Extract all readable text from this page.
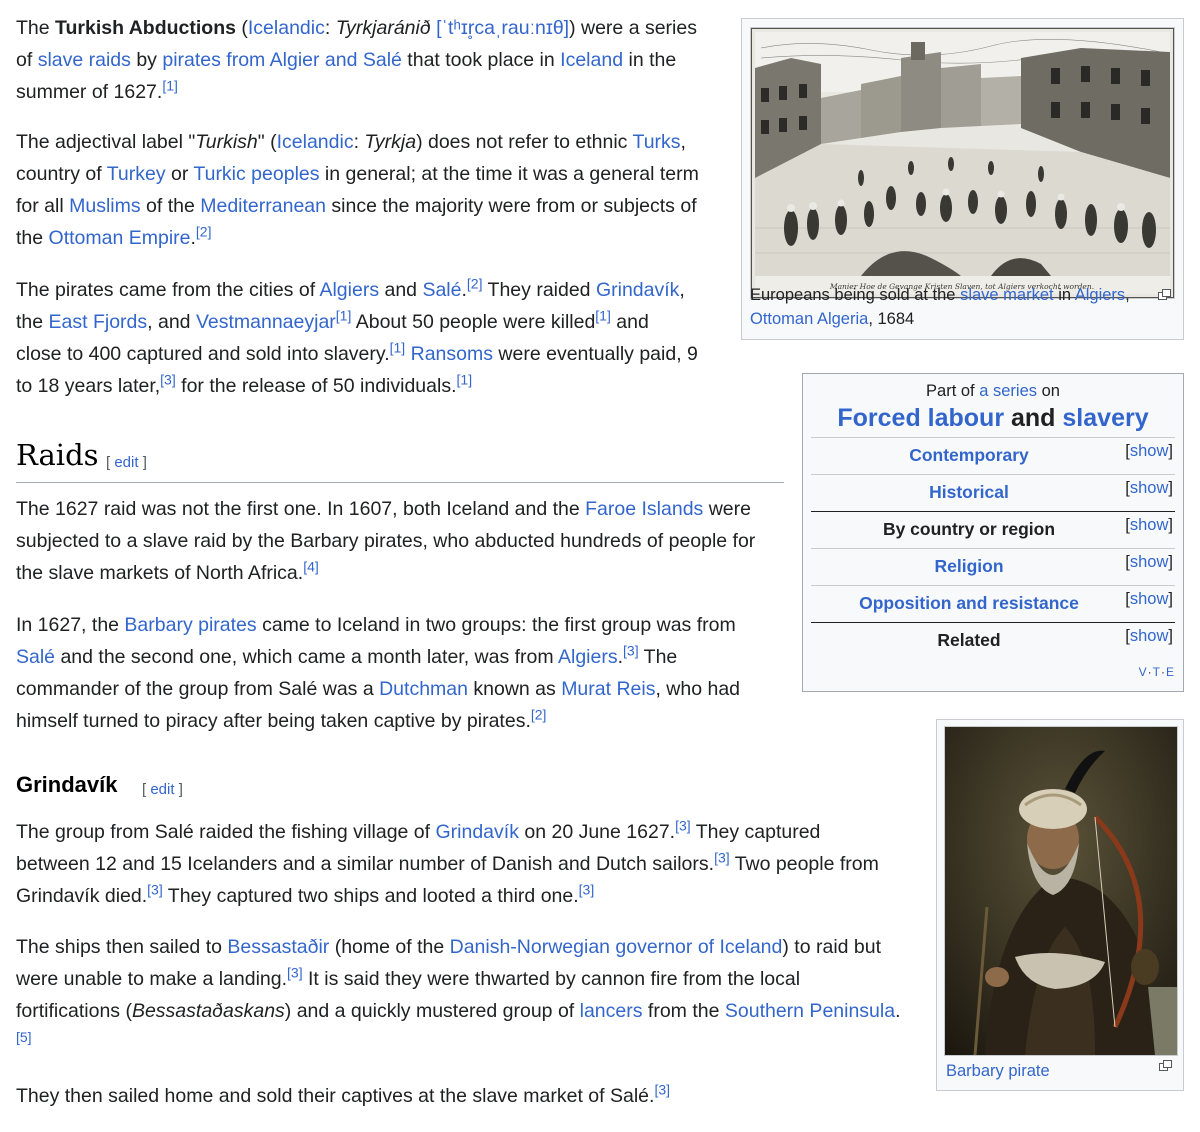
The Turkish Abductions (Icelandic: Tyrkjaránið [ˈtʰɪr̥caˌrauːnɪθ]) were a series
of slave raids by pirates from Algier and Salé that took place in Iceland in the
summer of 1627.[1]
The adjectival label "Turkish" (Icelandic: Tyrkja) does not refer to ethnic Turks,
country of Turkey or Turkic peoples in general; at the time it was a general term
for all Muslims of the Mediterranean since the majority were from or subjects of
the Ottoman Empire.[2]
The pirates came from the cities of Algiers and Salé.[2] They raided Grindavík,
the East Fjords, and Vestmannaeyjar[1] About 50 people were killed[1] and
close to 400 captured and sold into slavery.[1] Ransoms were eventually paid, 9
to 18 years later,[3] for the release of 50 individuals.[1]
Raids [ edit ]
The 1627 raid was not the first one. In 1607, both Iceland and the Faroe Islands were
subjected to a slave raid by the Barbary pirates, who abducted hundreds of people for
the slave markets of North Africa.[4]
In 1627, the Barbary pirates came to Iceland in two groups: the first group was from
Salé and the second one, which came a month later, was from Algiers.[3] The
commander of the group from Salé was a Dutchman known as Murat Reis, who had
himself turned to piracy after being taken captive by pirates.[2]
Grindavík [ edit ]
The group from Salé raided the fishing village of Grindavík on 20 June 1627.[3] They captured
between 12 and 15 Icelanders and a similar number of Danish and Dutch sailors.[3] Two people from
Grindavík died.[3] They captured two ships and looted a third one.[3]
The ships then sailed to Bessastaðir (home of the Danish-Norwegian governor of Iceland) to raid but
were unable to make a landing.[3] It is said they were thwarted by cannon fire from the local
fortifications (Bessastaðaskans) and a quickly mustered group of lancers from the Southern Peninsula.
[5]
They then sailed home and sold their captives at the slave market of Salé.[3]
Manier Hoe de Gevange Kristen Slaven, tot Algiers verkocht worden.
Europeans being sold at the slave market in Algiers,
Ottoman Algeria, 1684
Part of a series on
Forced labour and slavery
Contemporary	[show]
Historical	[show]
By country or region	[show]
Religion	[show]
Opposition and resistance	[show]
Related	[show]
V·T·E
Barbary pirate
